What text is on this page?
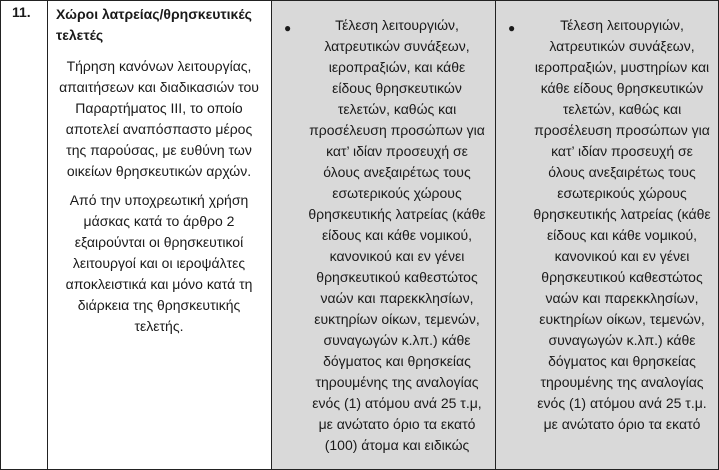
11. Χώροι λατρείας/θρησκευτικές τελετές
Τήρηση κανόνων λειτουργίας, απαιτήσεων και διαδικασιών του Παραρτήματος ΙΙΙ, το οποίο αποτελεί αναπόσπαστο μέρος της παρούσας, με ευθύνη των οικείων θρησκευτικών αρχών.
Από την υποχρεωτική χρήση μάσκας κατά το άρθρο 2 εξαιρούνται οι θρησκευτικοί λειτουργοί και οι ιεροψάλτες αποκλειστικά και μόνο κατά τη διάρκεια της θρησκευτικής τελετής.
●	Τέλεση λειτουργιών, λατρευτικών συνάξεων, ιεροπραξιών, και κάθε είδους θρησκευτικών τελετών, καθώς και προσέλευση προσώπων για κατ’ ιδίαν προσευχή σε όλους ανεξαιρέτως τους εσωτερικούς χώρους θρησκευτικής λατρείας (κάθε είδους και κάθε νομικού, κανονικού και εν γένει θρησκευτικού καθεστώτος ναών και παρεκκλησίων, ευκτηρίων οίκων, τεμενών, συναγωγών κ.λπ.) κάθε δόγματος και θρησκείας τηρουμένης της αναλογίας ενός (1) ατόμου ανά 25 τ.μ, με ανώτατο όριο τα εκατό (100) άτομα και ειδικώς
●	Τέλεση λειτουργιών, λατρευτικών συνάξεων, ιεροπραξιών, μυστηρίων και κάθε είδους θρησκευτικών τελετών, καθώς και προσέλευση προσώπων για κατ’ ιδίαν προσευχή σε όλους ανεξαιρέτως τους εσωτερικούς χώρους θρησκευτικής λατρείας (κάθε είδους και κάθε νομικού, κανονικού και εν γένει θρησκευτικού καθεστώτος ναών και παρεκκλησίων, ευκτηρίων οίκων, τεμενών, συναγωγών κ.λπ.) κάθε δόγματος και θρησκείας τηρουμένης της αναλογίας ενός (1) ατόμου ανά 25 τ.μ. με ανώτατο όριο τα εκατό
